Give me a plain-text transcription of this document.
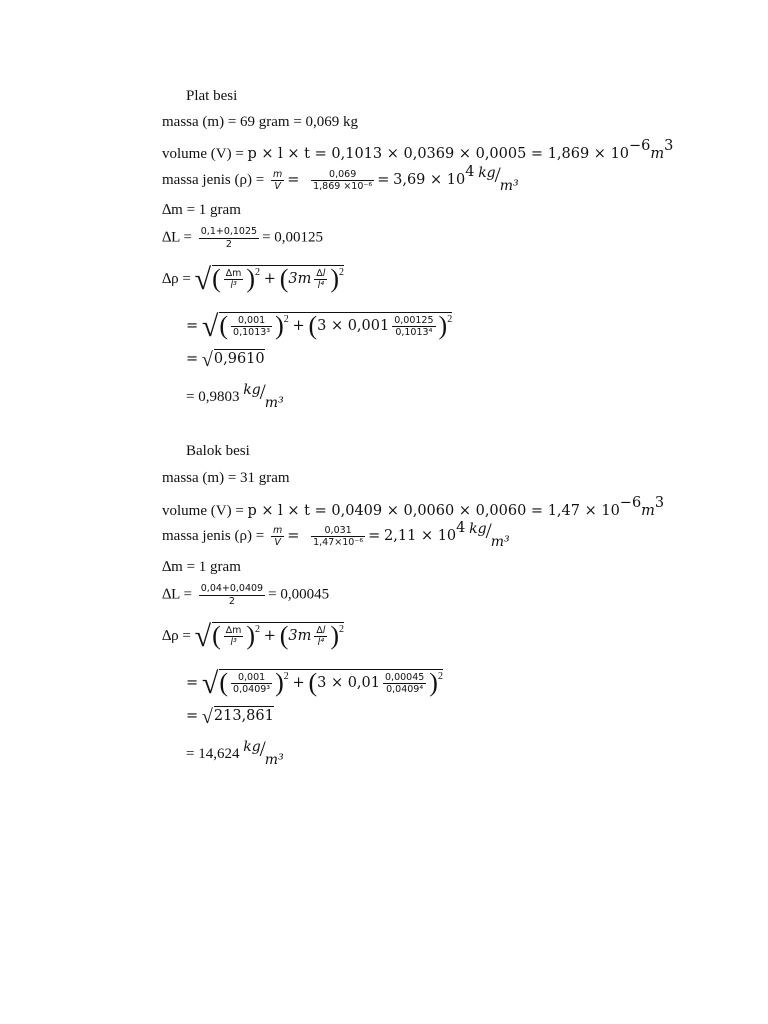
Plat besi
massa (m) = 69 gram = 0,069 kg
volume $(V) = p \times l \times t = 0,1013 \times 0,0369 \times 0,0005 = 1,869 \times 10^{-6}m^3$
massa jenis $(\rho) = \frac{m}{V} = \frac{0,069}{\text{1,869 ×10⁻⁶}} = 3,69 \times 10^4$ kg/m³
∆m = 1 gram
$\Delta L = \frac{0,1+0,1025}{2} = 0,00125$
∆ρ = √( $\frac{\Delta m}{\text{l³}} )^2 + (3m \frac{\Delta l}{\text{l⁴}} )^2$
= √( $\frac{0,001}{\text{0,1013³}} )^2 + (3 \times 0,001 \frac{0,00125}{\text{0,1013⁴}} )^2$
= √0,9610
= 0,9803 kg/m³
Balok besi
massa (m) = 31 gram
volume $(V) = p \times l \times t = 0,0409 \times 0,0060 \times 0,0060 = 1,47 \times 10^{-6}m^3$
massa jenis $(\rho) = \frac{m}{V} = \frac{0,031}{\text{1,47×10⁻⁶}} = 2,11 \times 10^4$ kg/m³
∆m = 1 gram
$\Delta L = \frac{0,04+0,0409}{2} = 0,00045$
∆ρ = √( $\frac{\Delta m}{\text{l³}} )^2 + (3m \frac{\Delta l}{\text{l⁴}} )^2$
= √( $\frac{0,001}{\text{0,0409³}} )^2 + (3 \times 0,01 \frac{0,00045}{\text{0,0409⁴}} )^2$
= √213,861
= 14,624 kg/m³
